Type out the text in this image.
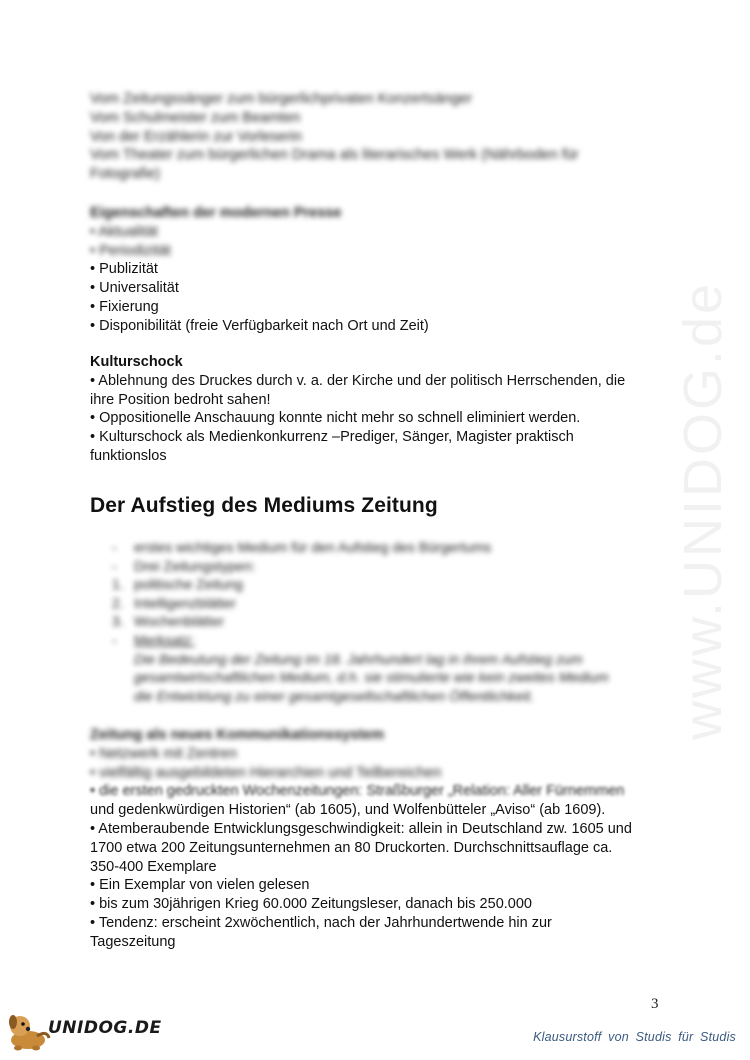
www.UNIDOG.de
Vom Zeitungssänger zum bürgerlichprivaten Konzertsänger
Vom Schulmeister zum Beamten
Von der Erzählerin zur Vorleserin
Vom Theater zum bürgerlichen Drama als literarisches Werk (Nährboden für
Fotografie)
Eigenschaften der modernen Presse
• Aktualität
• Periodizität
• Publizität
• Universalität
• Fixierung
• Disponibilität (freie Verfügbarkeit nach Ort und Zeit)
Kulturschock
• Ablehnung des Druckes durch v. a. der Kirche und der politisch Herrschenden, die
ihre Position bedroht sahen!
• Oppositionelle Anschauung konnte nicht mehr so schnell eliminiert werden.
• Kulturschock als Medienkonkurrenz –Prediger, Sänger, Magister praktisch
funktionslos
Der Aufstieg des Mediums Zeitung
-	erstes wichtiges Medium für den Aufstieg des Bürgertums
-	Drei Zeitungstypen:
1. politische Zeitung
2. Intelligenzblätter
3. Wochenblätter
-	Merksatz:
Die Bedeutung der Zeitung im 18. Jahrhundert lag in ihrem Aufstieg zum
gesamtwirtschaftlichen Medium, d.h. sie stimulierte wie kein zweites Medium
die Entwicklung zu einer gesamtgesellschaftlichen Öffentlichkeit.
Zeitung als neues Kommunikationssystem
• Netzwerk mit Zentren
• vielfältig ausgebildeten Hierarchien und Teilbereichen
• die ersten gedruckten Wochenzeitungen: Straßburger „Relation: Aller Fürnemmen
und gedenkwürdigen Historien“ (ab 1605), und Wolfenbütteler „Aviso“ (ab 1609).
• Atemberaubende Entwicklungsgeschwindigkeit: allein in Deutschland zw. 1605 und
1700 etwa 200 Zeitungsunternehmen an 80 Druckorten. Durchschnittsauflage ca.
350-400 Exemplare
• Ein Exemplar von vielen gelesen
• bis zum 30jährigen Krieg 60.000 Zeitungsleser, danach bis 250.000
• Tendenz: erscheint 2xwöchentlich, nach der Jahrhundertwende hin zur
Tageszeitung
3
UNIDOG.DE	Klausurstoff von Studis für Studis
